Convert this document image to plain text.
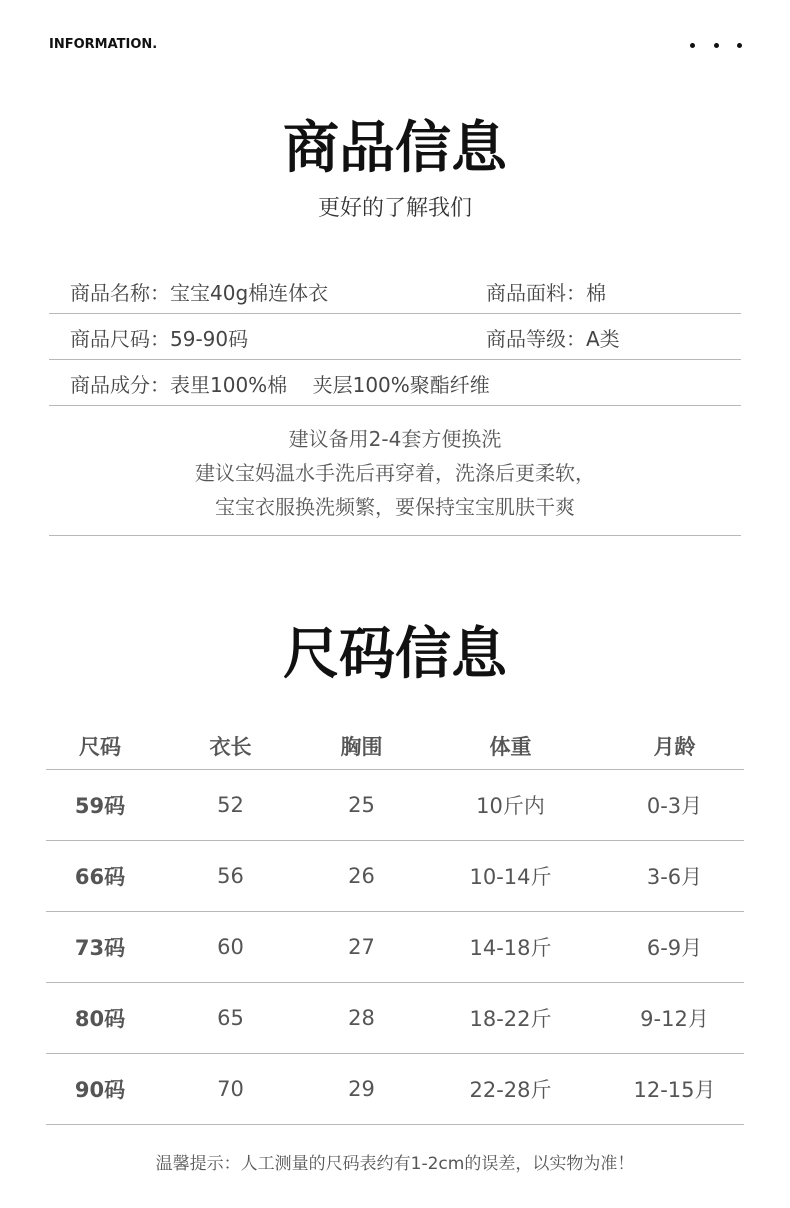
INFORMATION.
商品信息
更好的了解我们
商品名称：宝宝40g棉连体衣	商品面料：棉
商品尺码：59-90码	商品等级：A类
商品成分：表里100%棉    夹层100%聚酯纤维
建议备用2-4套方便换洗
建议宝妈温水手洗后再穿着，洗涤后更柔软，
宝宝衣服换洗频繁，要保持宝宝肌肤干爽
尺码信息
尺码	衣长	胸围	体重	月龄
59码	52	25	10斤内	0-3月
66码	56	26	10-14斤	3-6月
73码	60	27	14-18斤	6-9月
80码	65	28	18-22斤	9-12月
90码	70	29	22-28斤	12-15月
温馨提示：人工测量的尺码表约有1-2cm的误差，以实物为准！
